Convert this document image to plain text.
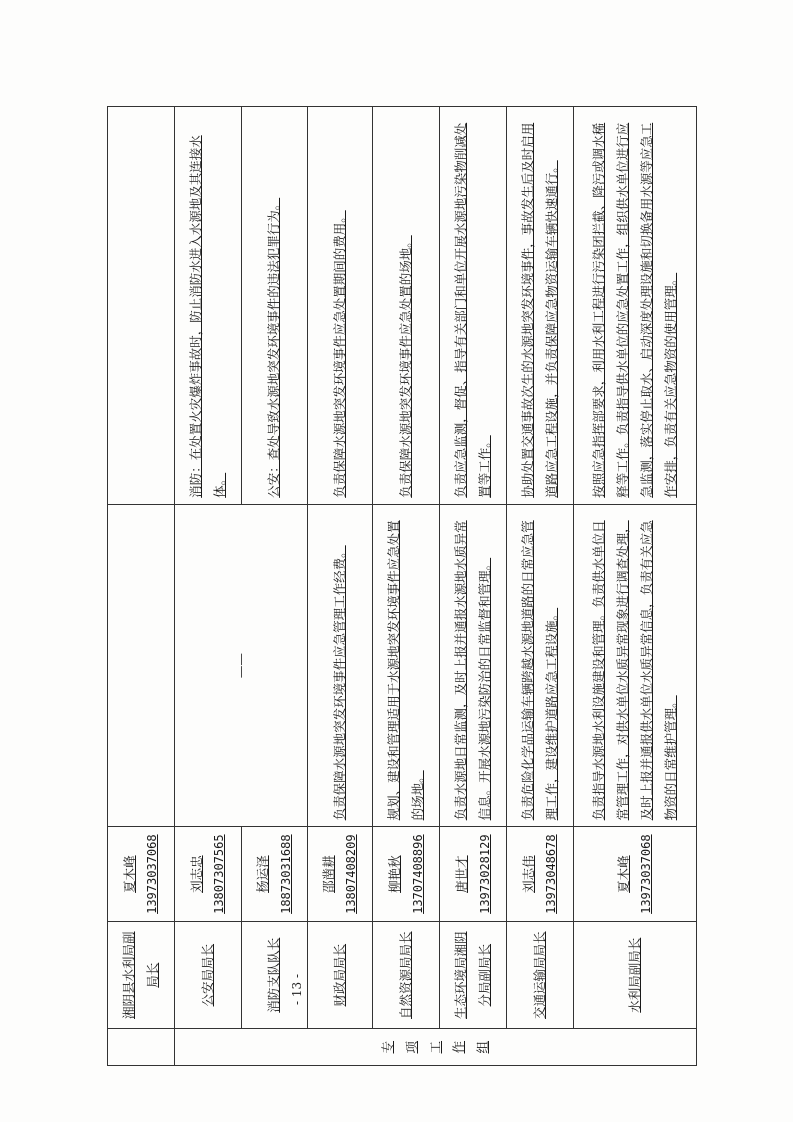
	湘阴县水利局副局长	夏木峰 13973037068		

专项工作组	公安局局长	刘志忠 13807307565	——	消防：在处置火灾爆炸事故时，防止消防水进入水源地及其连接水体。
	消防支队队长	杨运泽 18873031688		公安：查处导致水源地突发环境事件的违法犯罪行为。
	财政局局长	邵凿耕 13807408209	负责保障水源地突发环境事件应急管理工作经费。	负责保障水源地突发环境事件应急处置期间的费用。
	自然资源局局长	柳艳秋 13707408896	规划、建设和管理适用于水源地突发环境事件应急处置的场地。	负责保障水源地突发环境事件应急处置的场地。
	生态环境局湘阴分局副局长	唐世才 13973028129	负责水源地日常监测，及时上报并通报水源地水质异常信息。开展水源地污染防治的日常监督和管理。	负责应急监测，督促、指导有关部门和单位开展水源地污染物削减处置等工作。
	交通运输局局长	刘志伟 13973048678	负责危险化学品运输车辆跨越水源地道路的日常应急管理工作，建设维护道路应急工程设施。	协助处置交通事故次生的水源地突发环境事件，事故发生后及时启用道路应急工程设施，并负责保障应急物资运输车辆快速通行。
	水利局副局长	夏木峰 13973037068	负责指导水源地水利设施建设和管理。负责供水单位日常管理工作，对供水单位水质异常现象进行调查处理，及时上报并通报供水单位水质异常信息，负责有关应急物资的日常维护管理。	按照应急指挥部要求，利用水利工程进行污染团拦截、降污或调水稀释等工作。负责指导供水单位的应急处置工作，组织供水单位进行应急监测，落实停止取水、启动深度处理设施和切换备用水源等应急工作安排，负责有关应急物资的使用管理。
- 13 -
